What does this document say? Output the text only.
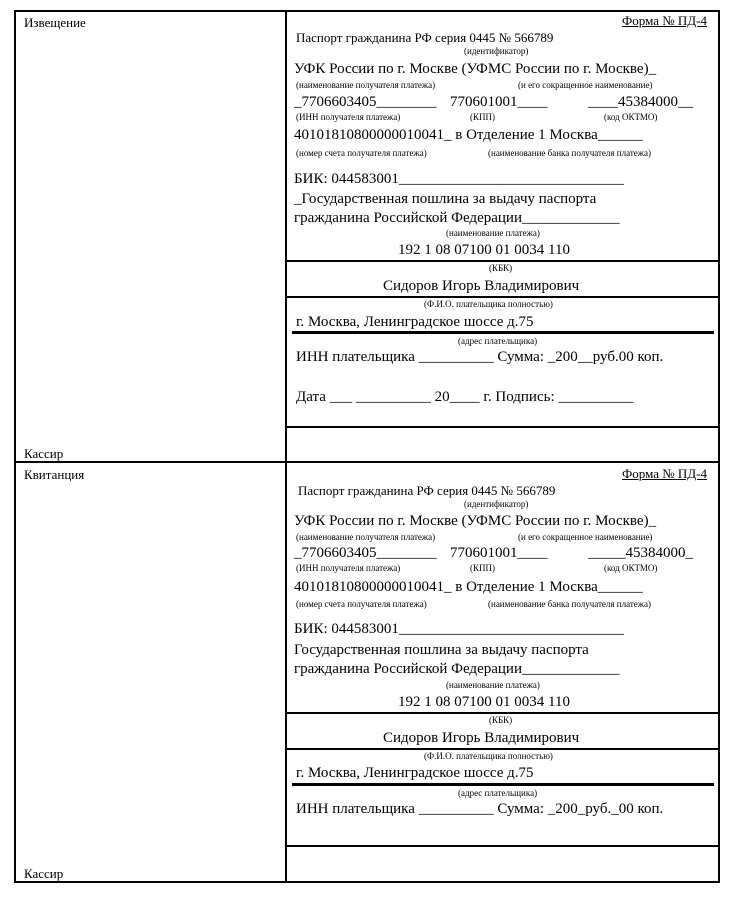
Извещение
Кассир
Форма № ПД-4
Паспорт гражданина РФ серия 0445 № 566789
(идентификатор)
УФК России по г. Москве (УФМС России по г. Москве)_
(наименование получателя платежа)	(и его сокращенное наименование)
_7706603405________ 770601001____	____45384000__
(ИНН получателя платежа)	(КПП)	(код ОКТМО)
40101810800000010041_ в Отделение 1 Москва______
(номер счета получателя платежа)	(наименование банка получателя платежа)
БИК: 044583001______________________________
_Государственная пошлина за выдачу паспорта
гражданина Российской Федерации_____________
(наименование платежа)
192 1 08 07100 01 0034 110
(КБК)
Сидоров Игорь Владимирович
(Ф.И.О. плательщика полностью)
г. Москва, Ленинградское шоссе д.75
(адрес плательщика)
ИНН плательщика __________ Сумма: _200__руб.00 коп.
Дата ___ __________ 20____ г. Подпись: __________
Квитанция
Кассир
Форма № ПД-4
Паспорт гражданина РФ серия 0445 № 566789
(идентификатор)
УФК России по г. Москве (УФМС России по г. Москве)_
(наименование получателя платежа)	(и его сокращенное наименование)
_7706603405________ 770601001____	_____45384000_
(ИНН получателя платежа)	(КПП)	(код ОКТМО)
40101810800000010041_ в Отделение 1 Москва______
(номер счета получателя платежа)	(наименование банка получателя платежа)
БИК: 044583001______________________________
Государственная пошлина за выдачу паспорта
гражданина Российской Федерации_____________
(наименование платежа)
192 1 08 07100 01 0034 110
(КБК)
Сидоров Игорь Владимирович
(Ф.И.О. плательщика полностью)
г. Москва, Ленинградское шоссе д.75
(адрес плательщика)
ИНН плательщика __________ Сумма: _200_руб._00 коп.
